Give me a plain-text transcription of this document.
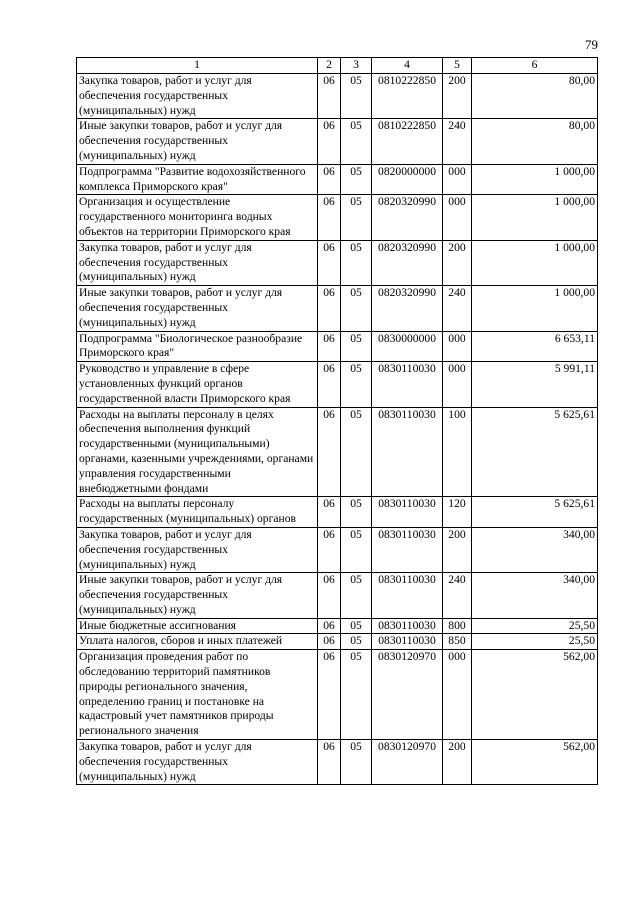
79
1	2	3	4	5	6
Закупка товаров, работ и услуг для обеспечения государственных (муниципальных) нужд	06	05	0810222850	200	80,00
Иные закупки товаров, работ и услуг для обеспечения государственных (муниципальных) нужд	06	05	0810222850	240	80,00
Подпрограмма "Развитие водохозяйственного комплекса Приморского края"	06	05	0820000000	000	1 000,00
Организация и осуществление государственного мониторинга водных объектов на территории Приморского края	06	05	0820320990	000	1 000,00
Закупка товаров, работ и услуг для обеспечения государственных (муниципальных) нужд	06	05	0820320990	200	1 000,00
Иные закупки товаров, работ и услуг для обеспечения государственных (муниципальных) нужд	06	05	0820320990	240	1 000,00
Подпрограмма "Биологическое разнообразие Приморского края"	06	05	0830000000	000	6 653,11
Руководство и управление в сфере установленных функций органов государственной власти Приморского края	06	05	0830110030	000	5 991,11
Расходы на выплаты персоналу в целях обеспечения выполнения функций государственными (муниципальными) органами, казенными учреждениями, органами управления государственными внебюджетными фондами	06	05	0830110030	100	5 625,61
Расходы на выплаты персоналу государственных (муниципальных) органов	06	05	0830110030	120	5 625,61
Закупка товаров, работ и услуг для обеспечения государственных (муниципальных) нужд	06	05	0830110030	200	340,00
Иные закупки товаров, работ и услуг для обеспечения государственных (муниципальных) нужд	06	05	0830110030	240	340,00
Иные бюджетные ассигнования	06	05	0830110030	800	25,50
Уплата налогов, сборов и иных платежей	06	05	0830110030	850	25,50
Организация проведения работ по обследованию территорий памятников природы регионального значения, определению границ и постановке на кадастровый учет памятников природы регионального значения	06	05	0830120970	000	562,00
Закупка товаров, работ и услуг для обеспечения государственных (муниципальных) нужд	06	05	0830120970	200	562,00
